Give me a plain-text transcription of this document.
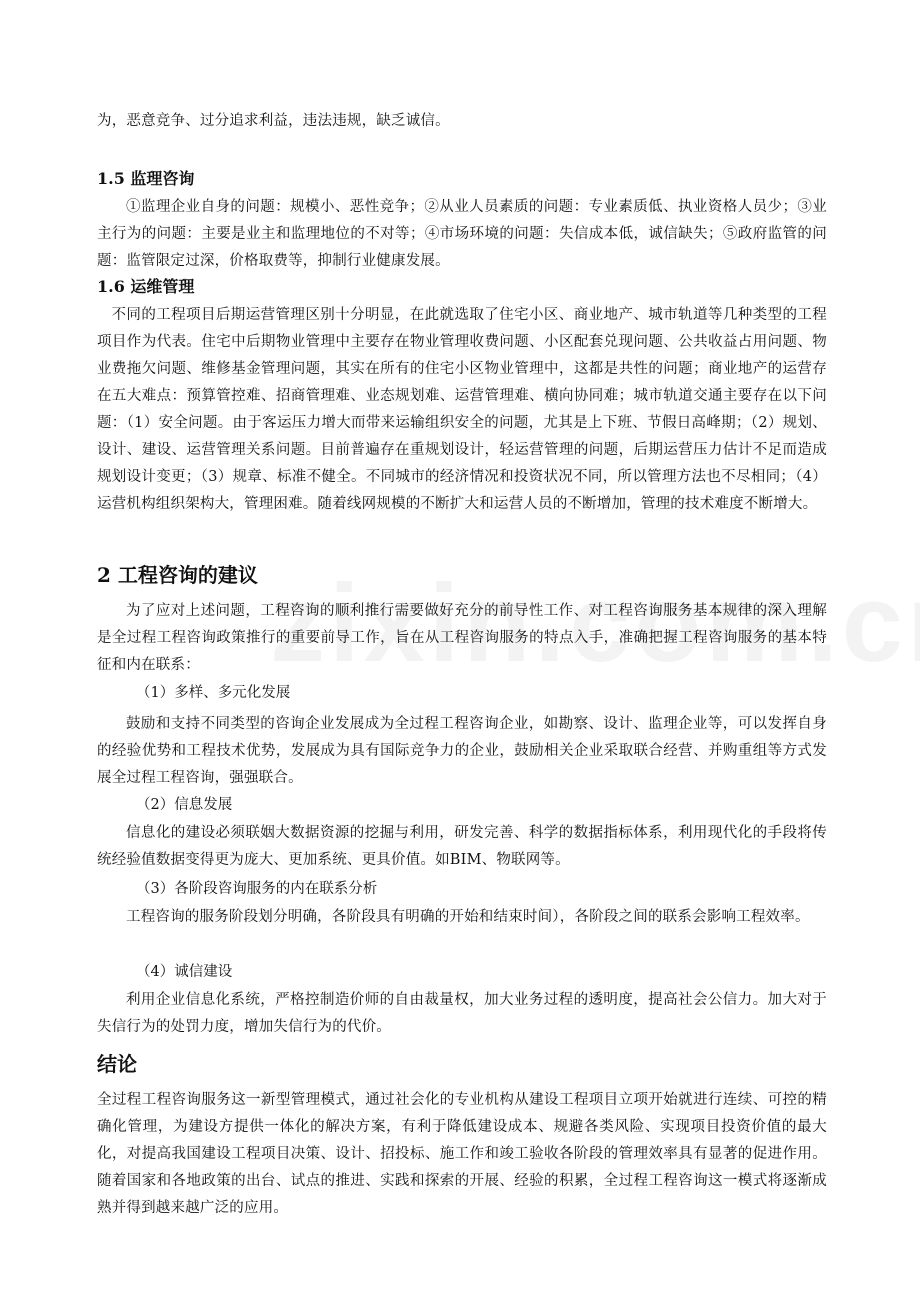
为，恶意竞争、过分追求利益，违法违规，缺乏诚信。

1.5 监理咨询

①监理企业自身的问题：规模小、恶性竞争；②从业人员素质的问题：专业素质低、执业资格人员少；③业主行为的问题：主要是业主和监理地位的不对等；④市场环境的问题：失信成本低，诚信缺失；⑤政府监管的问题：监管限定过深，价格取费等，抑制行业健康发展。

1.6 运维管理

不同的工程项目后期运营管理区别十分明显，在此就选取了住宅小区、商业地产、城市轨道等几种类型的工程项目作为代表。住宅中后期物业管理中主要存在物业管理收费问题、小区配套兑现问题、公共收益占用问题、物业费拖欠问题、维修基金管理问题，其实在所有的住宅小区物业管理中，这都是共性的问题；商业地产的运营存在五大难点：预算管控难、招商管理难、业态规划难、运营管理难、横向协同难；城市轨道交通主要存在以下问题：（1）安全问题。由于客运压力增大而带来运输组织安全的问题，尤其是上下班、节假日高峰期；（2）规划、设计、建设、运营管理关系问题。目前普遍存在重规划设计，轻运营管理的问题，后期运营压力估计不足而造成规划设计变更；（3）规章、标准不健全。不同城市的经济情况和投资状况不同，所以管理方法也不尽相同；（4）运营机构组织架构大，管理困难。随着线网规模的不断扩大和运营人员的不断增加，管理的技术难度不断增大。

2 工程咨询的建议

为了应对上述问题，工程咨询的顺利推行需要做好充分的前导性工作、对工程咨询服务基本规律的深入理解是全过程工程咨询政策推行的重要前导工作，旨在从工程咨询服务的特点入手，准确把握工程咨询服务的基本特征和内在联系：

（1）多样、多元化发展

鼓励和支持不同类型的咨询企业发展成为全过程工程咨询企业，如勘察、设计、监理企业等，可以发挥自身的经验优势和工程技术优势，发展成为具有国际竞争力的企业，鼓励相关企业采取联合经营、并购重组等方式发展全过程工程咨询，强强联合。

（2）信息发展

信息化的建设必须联姻大数据资源的挖掘与利用，研发完善、科学的数据指标体系，利用现代化的手段将传统经验值数据变得更为庞大、更加系统、更具价值。如BIM、物联网等。

（3）各阶段咨询服务的内在联系分析

工程咨询的服务阶段划分明确，各阶段具有明确的开始和结束时间），各阶段之间的联系会影响工程效率。

（4）诚信建设

利用企业信息化系统，严格控制造价师的自由裁量权，加大业务过程的透明度，提高社会公信力。加大对于失信行为的处罚力度，增加失信行为的代价。

结论

全过程工程咨询服务这一新型管理模式，通过社会化的专业机构从建设工程项目立项开始就进行连续、可控的精确化管理，为建设方提供一体化的解决方案，有利于降低建设成本、规避各类风险、实现项目投资价值的最大化，对提高我国建设工程项目决策、设计、招投标、施工作和竣工验收各阶段的管理效率具有显著的促进作用。随着国家和各地政策的出台、试点的推进、实践和探索的开展、经验的积累，全过程工程咨询这一模式将逐渐成熟并得到越来越广泛的应用。
